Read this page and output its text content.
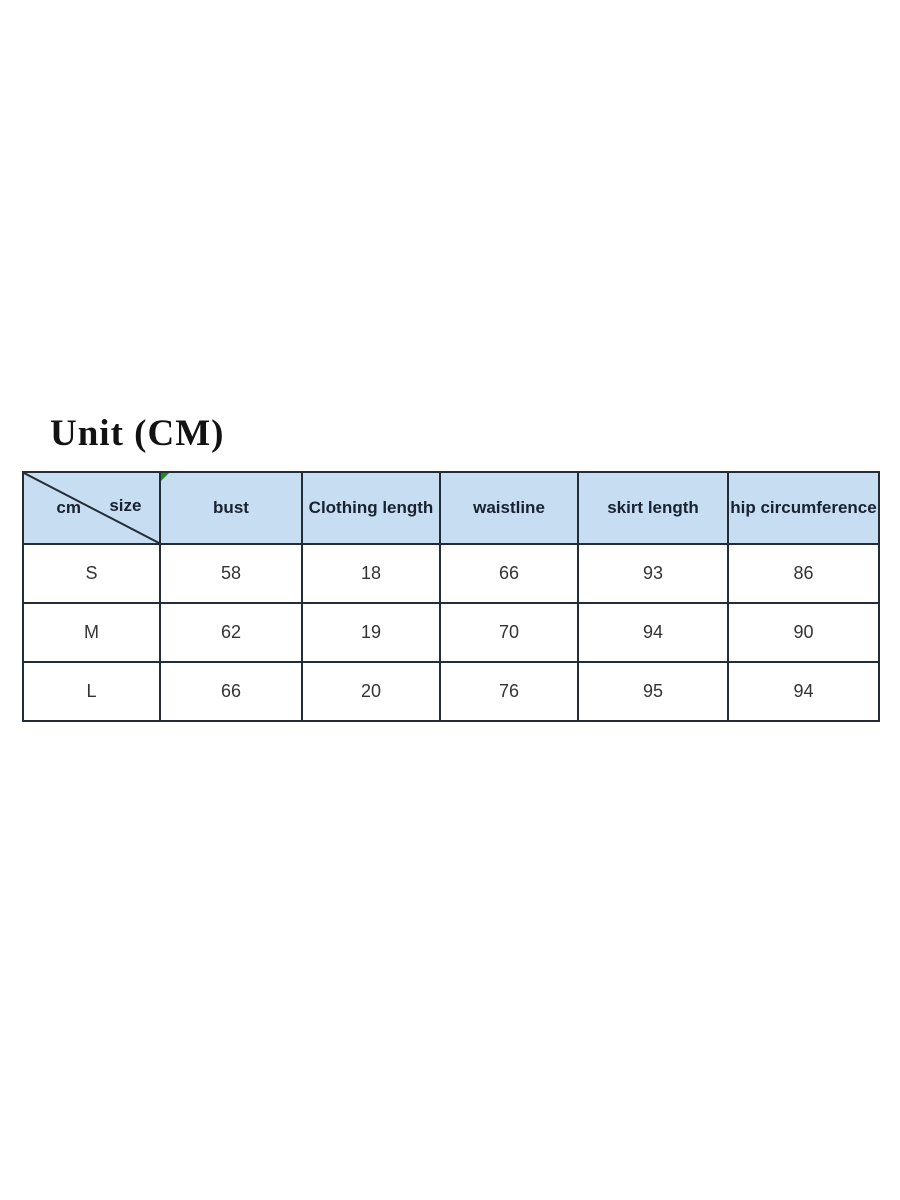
Unit (CM)
cm size	bust	Clothing length	waistline	skirt length	hip circumference
S	58	18	66	93	86
M	62	19	70	94	90
L	66	20	76	95	94
